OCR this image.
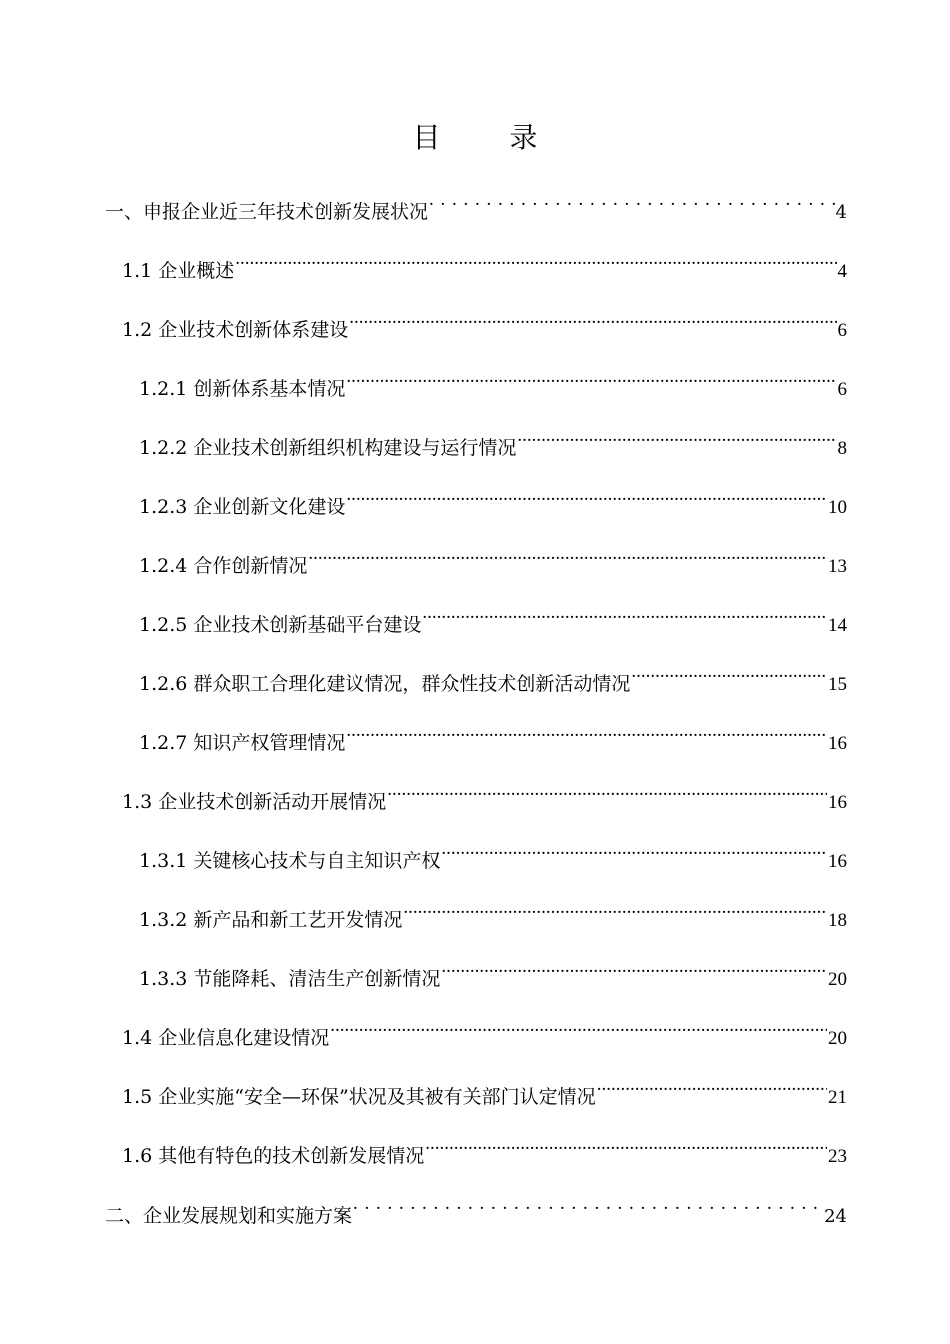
目 录
一、申报企业近三年技术创新发展状况 . . .	4
1.1 企业概述 .....	4
1.2 企业技术创新体系建设 .....	6
1.2.1 创新体系基本情况 .....	6
1.2.2 企业技术创新组织机构建设与运行情况 .....	8
1.2.3 企业创新文化建设 .....	10
1.2.4 合作创新情况 .....	13
1.2.5 企业技术创新基础平台建设 .....	14
1.2.6 群众职工合理化建议情况，群众性技术创新活动情况 .....	15
1.2.7 知识产权管理情况 .....	16
1.3 企业技术创新活动开展情况 .....	16
1.3.1 关键核心技术与自主知识产权 .....	16
1.3.2 新产品和新工艺开发情况 .....	18
1.3.3 节能降耗、清洁生产创新情况 .....	20
1.4 企业信息化建设情况 .....	20
1.5 企业实施“安全—环保”状况及其被有关部门认定情况 .....	21
1.6 其他有特色的技术创新发展情况 .....	23
二、企业发展规划和实施方案 . . .	24
